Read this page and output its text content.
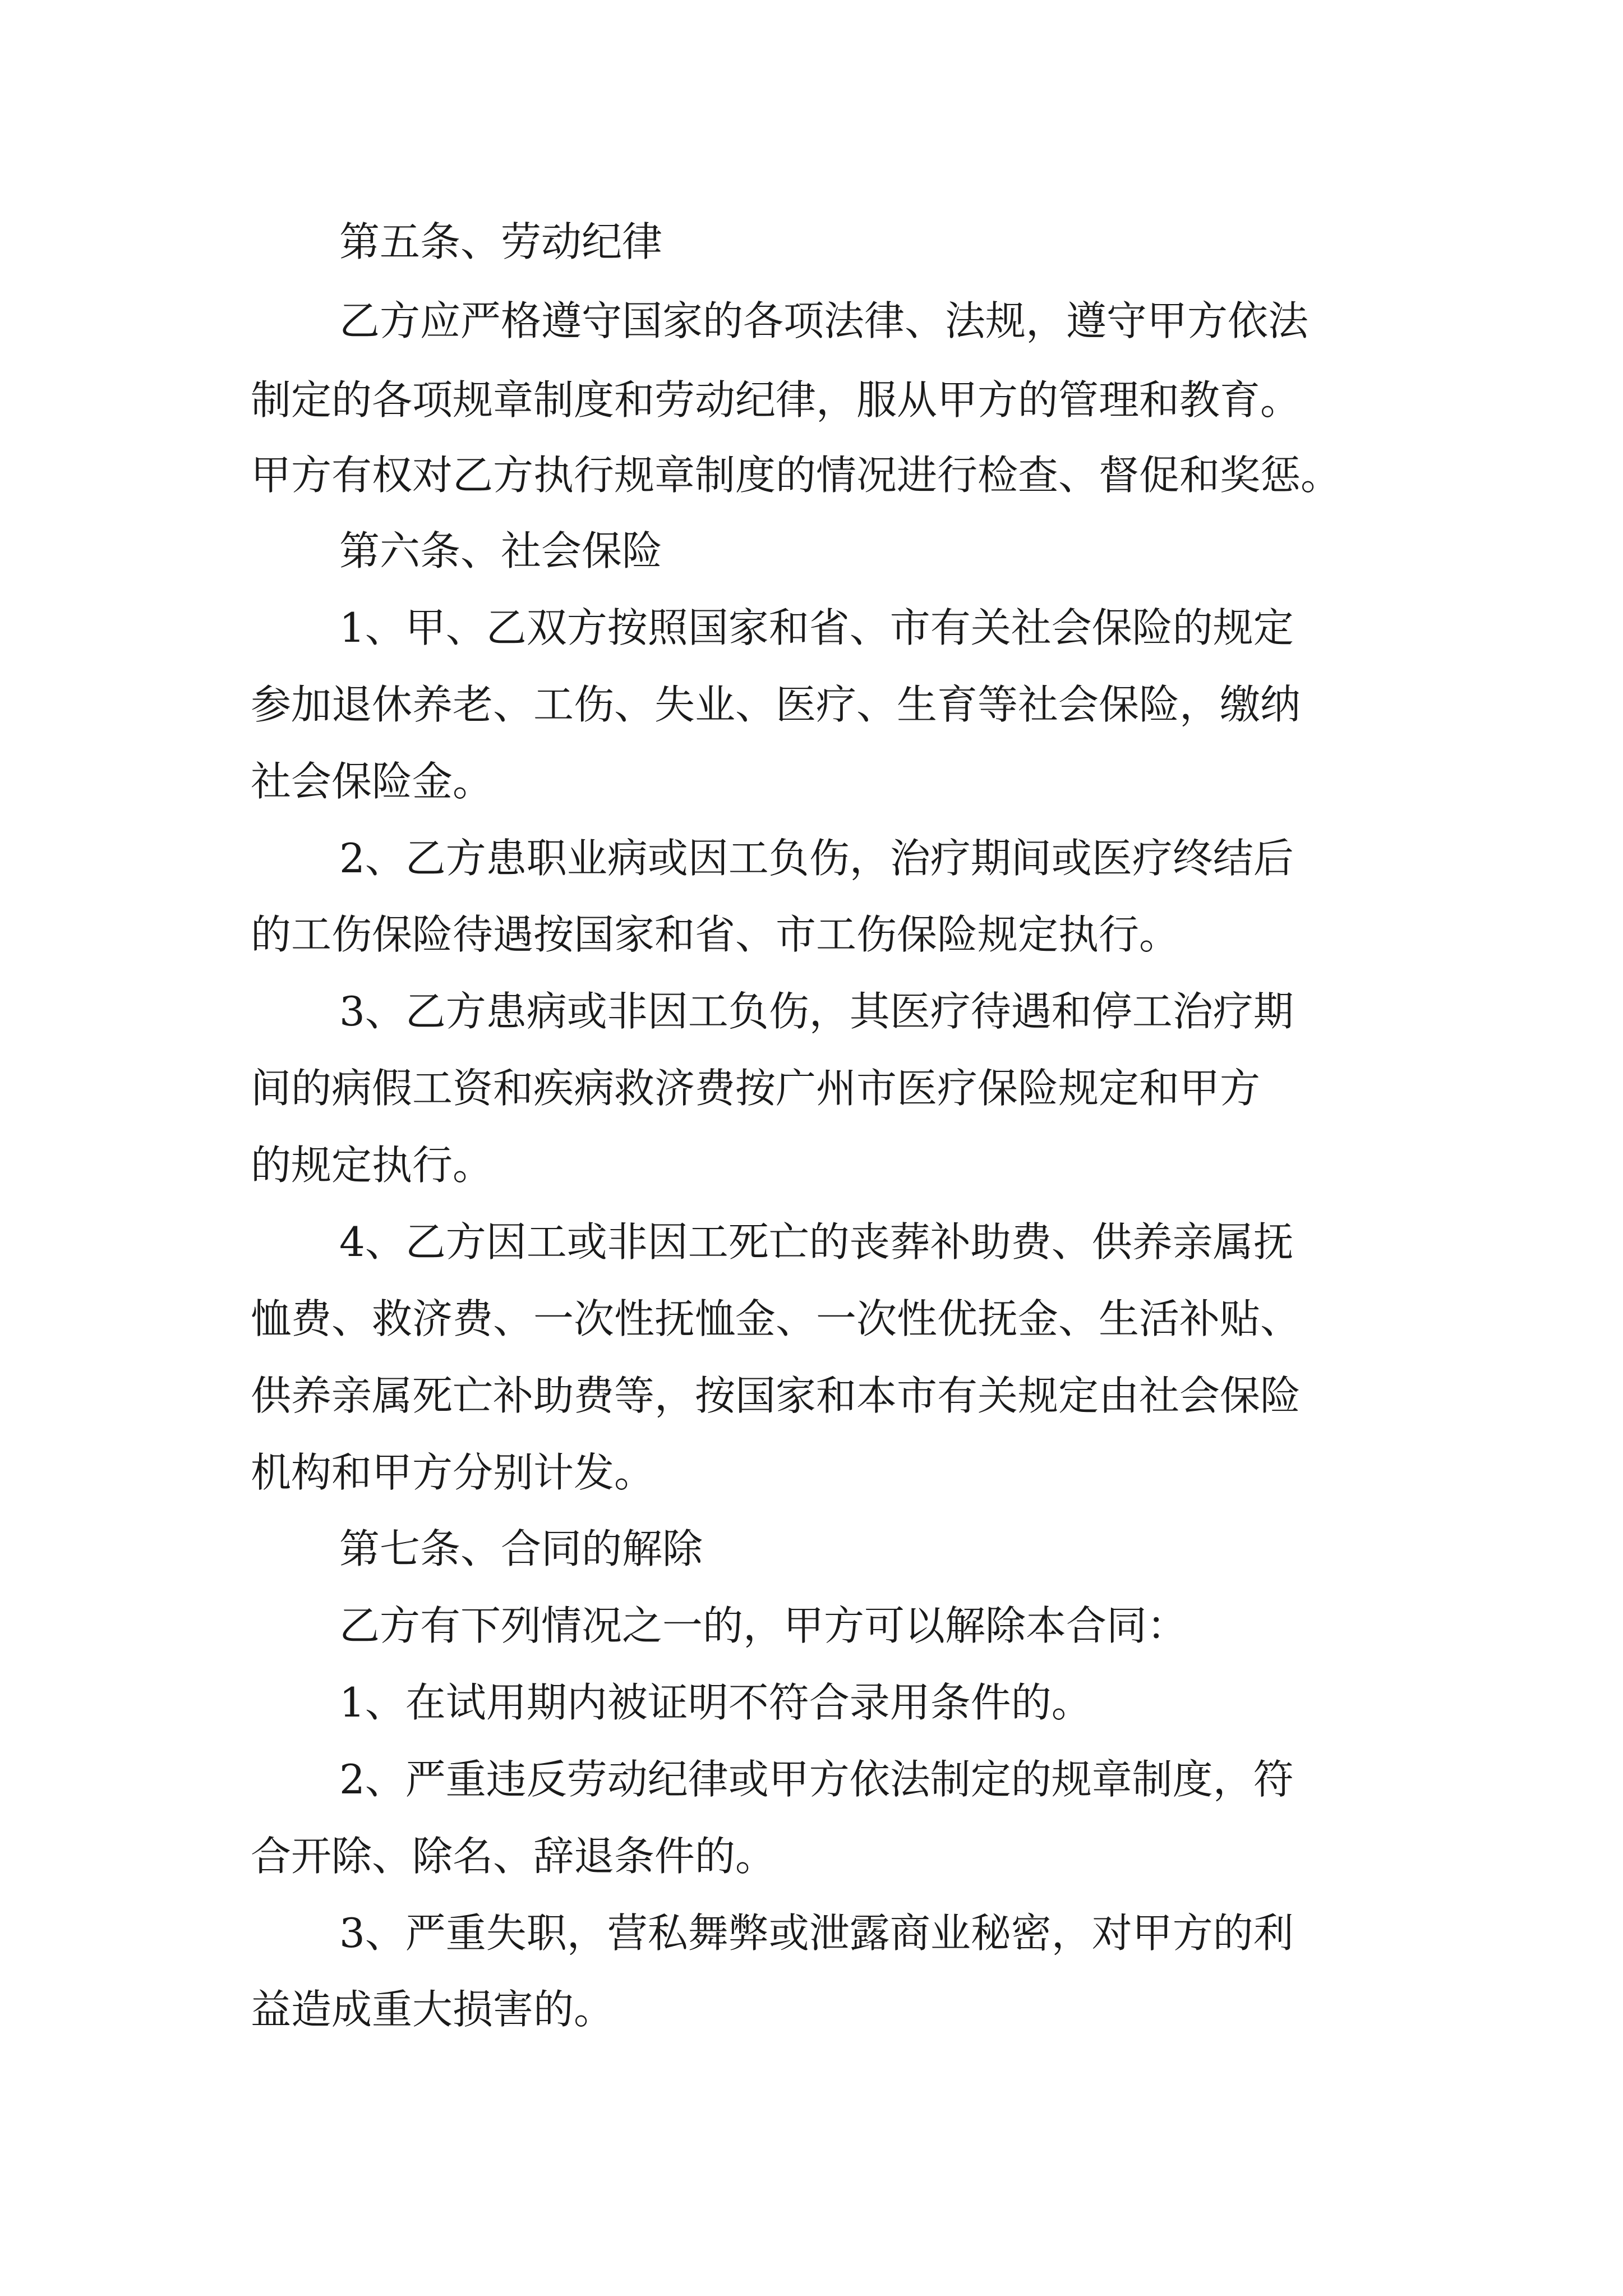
第五条、劳动纪律
乙方应严格遵守国家的各项法律、法规，遵守甲方依法
制定的各项规章制度和劳动纪律，服从甲方的管理和教育。
甲方有权对乙方执行规章制度的情况进行检查、督促和奖惩。
第六条、社会保险
1、甲、乙双方按照国家和省、市有关社会保险的规定
参加退休养老、工伤、失业、医疗、生育等社会保险，缴纳
社会保险金。
2、乙方患职业病或因工负伤，治疗期间或医疗终结后
的工伤保险待遇按国家和省、市工伤保险规定执行。
3、乙方患病或非因工负伤，其医疗待遇和停工治疗期
间的病假工资和疾病救济费按广州市医疗保险规定和甲方
的规定执行。
4、乙方因工或非因工死亡的丧葬补助费、供养亲属抚
恤费、救济费、一次性抚恤金、一次性优抚金、生活补贴、
供养亲属死亡补助费等，按国家和本市有关规定由社会保险
机构和甲方分别计发。
第七条、合同的解除
乙方有下列情况之一的，甲方可以解除本合同：
1、在试用期内被证明不符合录用条件的。
2、严重违反劳动纪律或甲方依法制定的规章制度，符
合开除、除名、辞退条件的。
3、严重失职，营私舞弊或泄露商业秘密，对甲方的利
益造成重大损害的。
